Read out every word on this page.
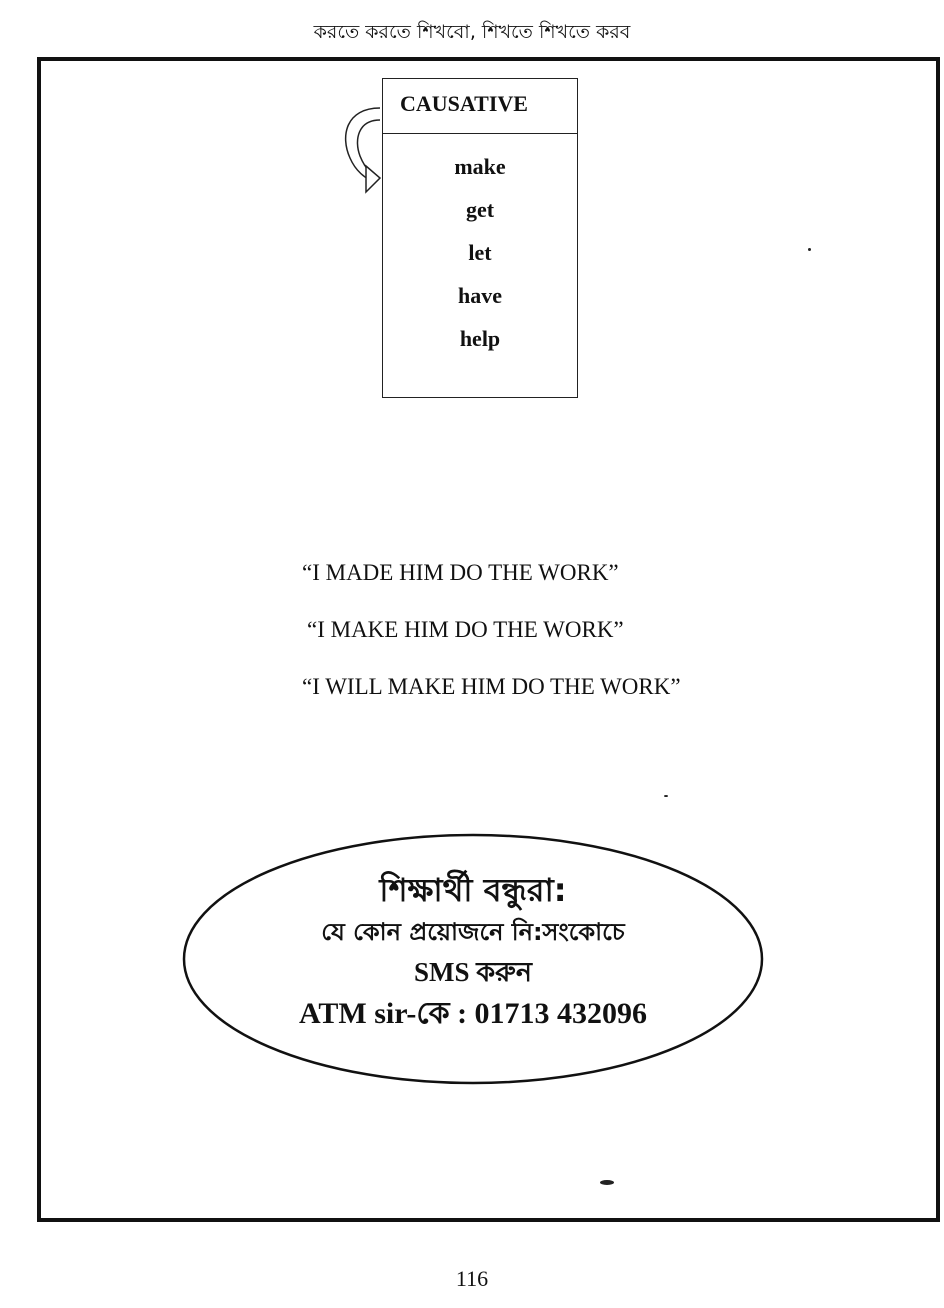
করতে করতে শিখবো, শিখতে শিখতে করব
CAUSATIVE
make
get
let
have
help
“I MADE HIM DO THE WORK”
“I MAKE HIM DO THE WORK”
“I WILL MAKE HIM DO THE WORK”
শিক্ষার্থী বন্ধুরা:
যে কোন প্রয়োজনে নি:সংকোচে
SMS করুন
ATM sir-কে : 01713 432096
116
